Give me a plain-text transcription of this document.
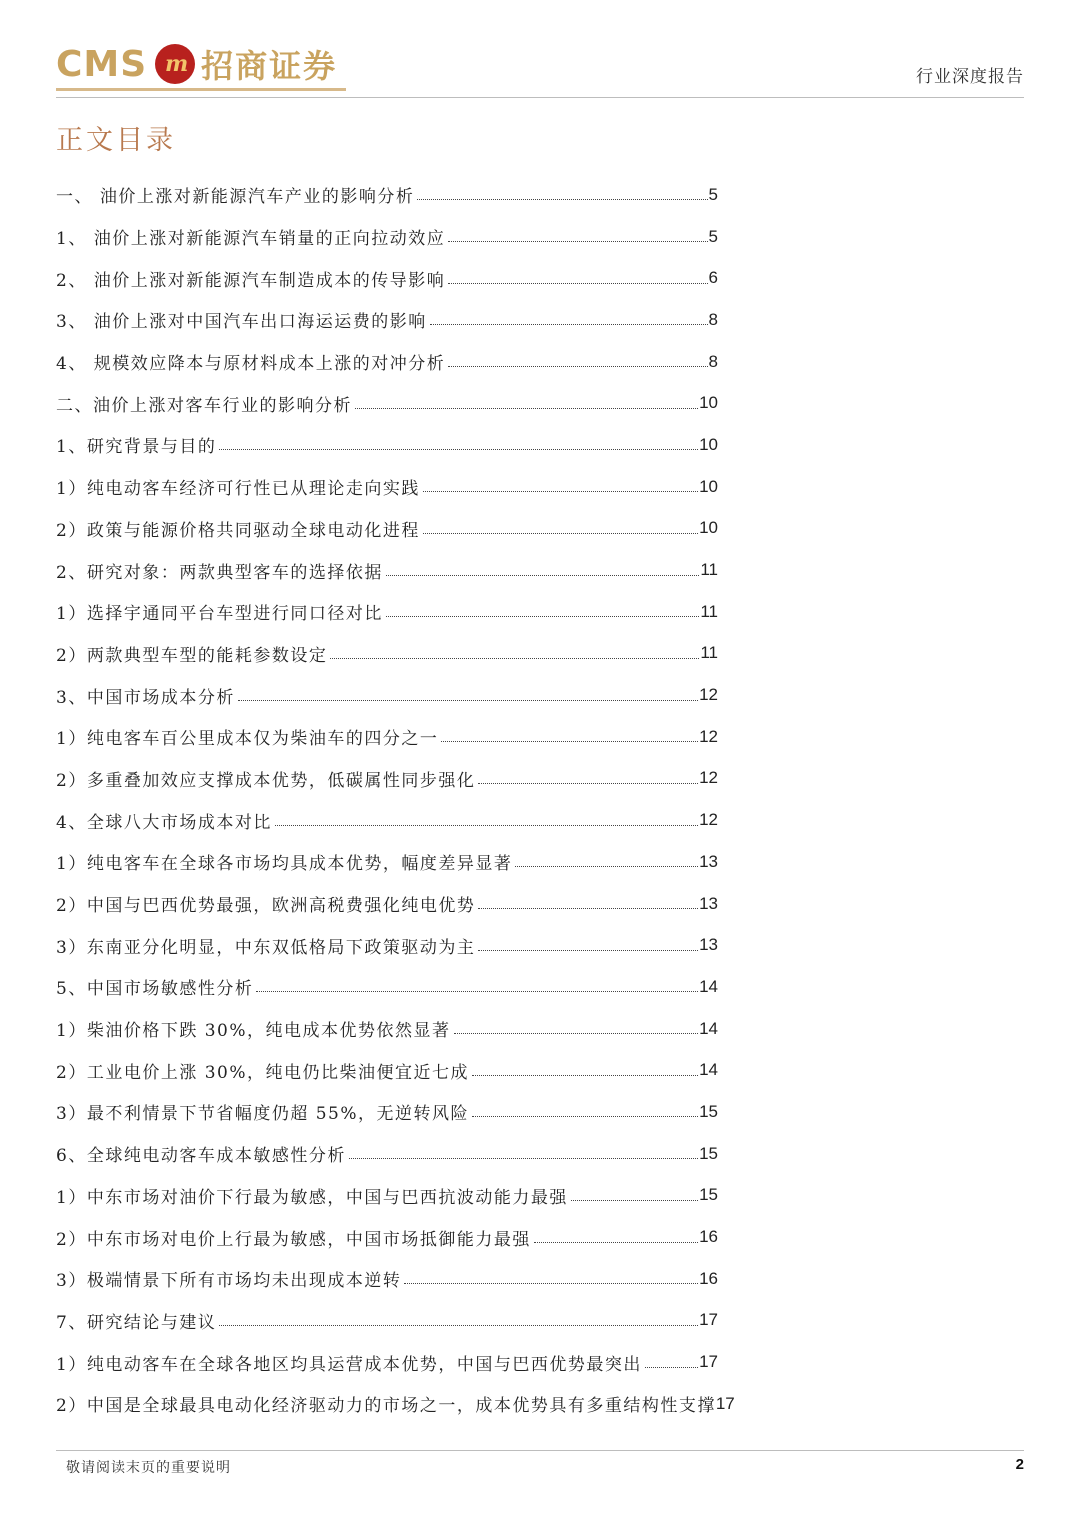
CMS m 招商证券	行业深度报告
正文目录
一、 油价上涨对新能源汽车产业的影响分析	5
1、 油价上涨对新能源汽车销量的正向拉动效应	5
2、 油价上涨对新能源汽车制造成本的传导影响	6
3、 油价上涨对中国汽车出口海运运费的影响	8
4、 规模效应降本与原材料成本上涨的对冲分析	8
二、油价上涨对客车行业的影响分析	10
1、研究背景与目的	10
1）纯电动客车经济可行性已从理论走向实践	10
2）政策与能源价格共同驱动全球电动化进程	10
2、研究对象：两款典型客车的选择依据	11
1）选择宇通同平台车型进行同口径对比	11
2）两款典型车型的能耗参数设定	11
3、中国市场成本分析	12
1）纯电客车百公里成本仅为柴油车的四分之一	12
2）多重叠加效应支撑成本优势，低碳属性同步强化	12
4、全球八大市场成本对比	12
1）纯电客车在全球各市场均具成本优势，幅度差异显著	13
2）中国与巴西优势最强，欧洲高税费强化纯电优势	13
3）东南亚分化明显，中东双低格局下政策驱动为主	13
5、中国市场敏感性分析	14
1）柴油价格下跌 30%，纯电成本优势依然显著	14
2）工业电价上涨 30%，纯电仍比柴油便宜近七成	14
3）最不利情景下节省幅度仍超 55%，无逆转风险	15
6、全球纯电动客车成本敏感性分析	15
1）中东市场对油价下行最为敏感，中国与巴西抗波动能力最强	15
2）中东市场对电价上行最为敏感，中国市场抵御能力最强	16
3）极端情景下所有市场均未出现成本逆转	16
7、研究结论与建议	17
1）纯电动客车在全球各地区均具运营成本优势，中国与巴西优势最突出	17
2）中国是全球最具电动化经济驱动力的市场之一，成本优势具有多重结构性支撑 17
敬请阅读末页的重要说明	2
